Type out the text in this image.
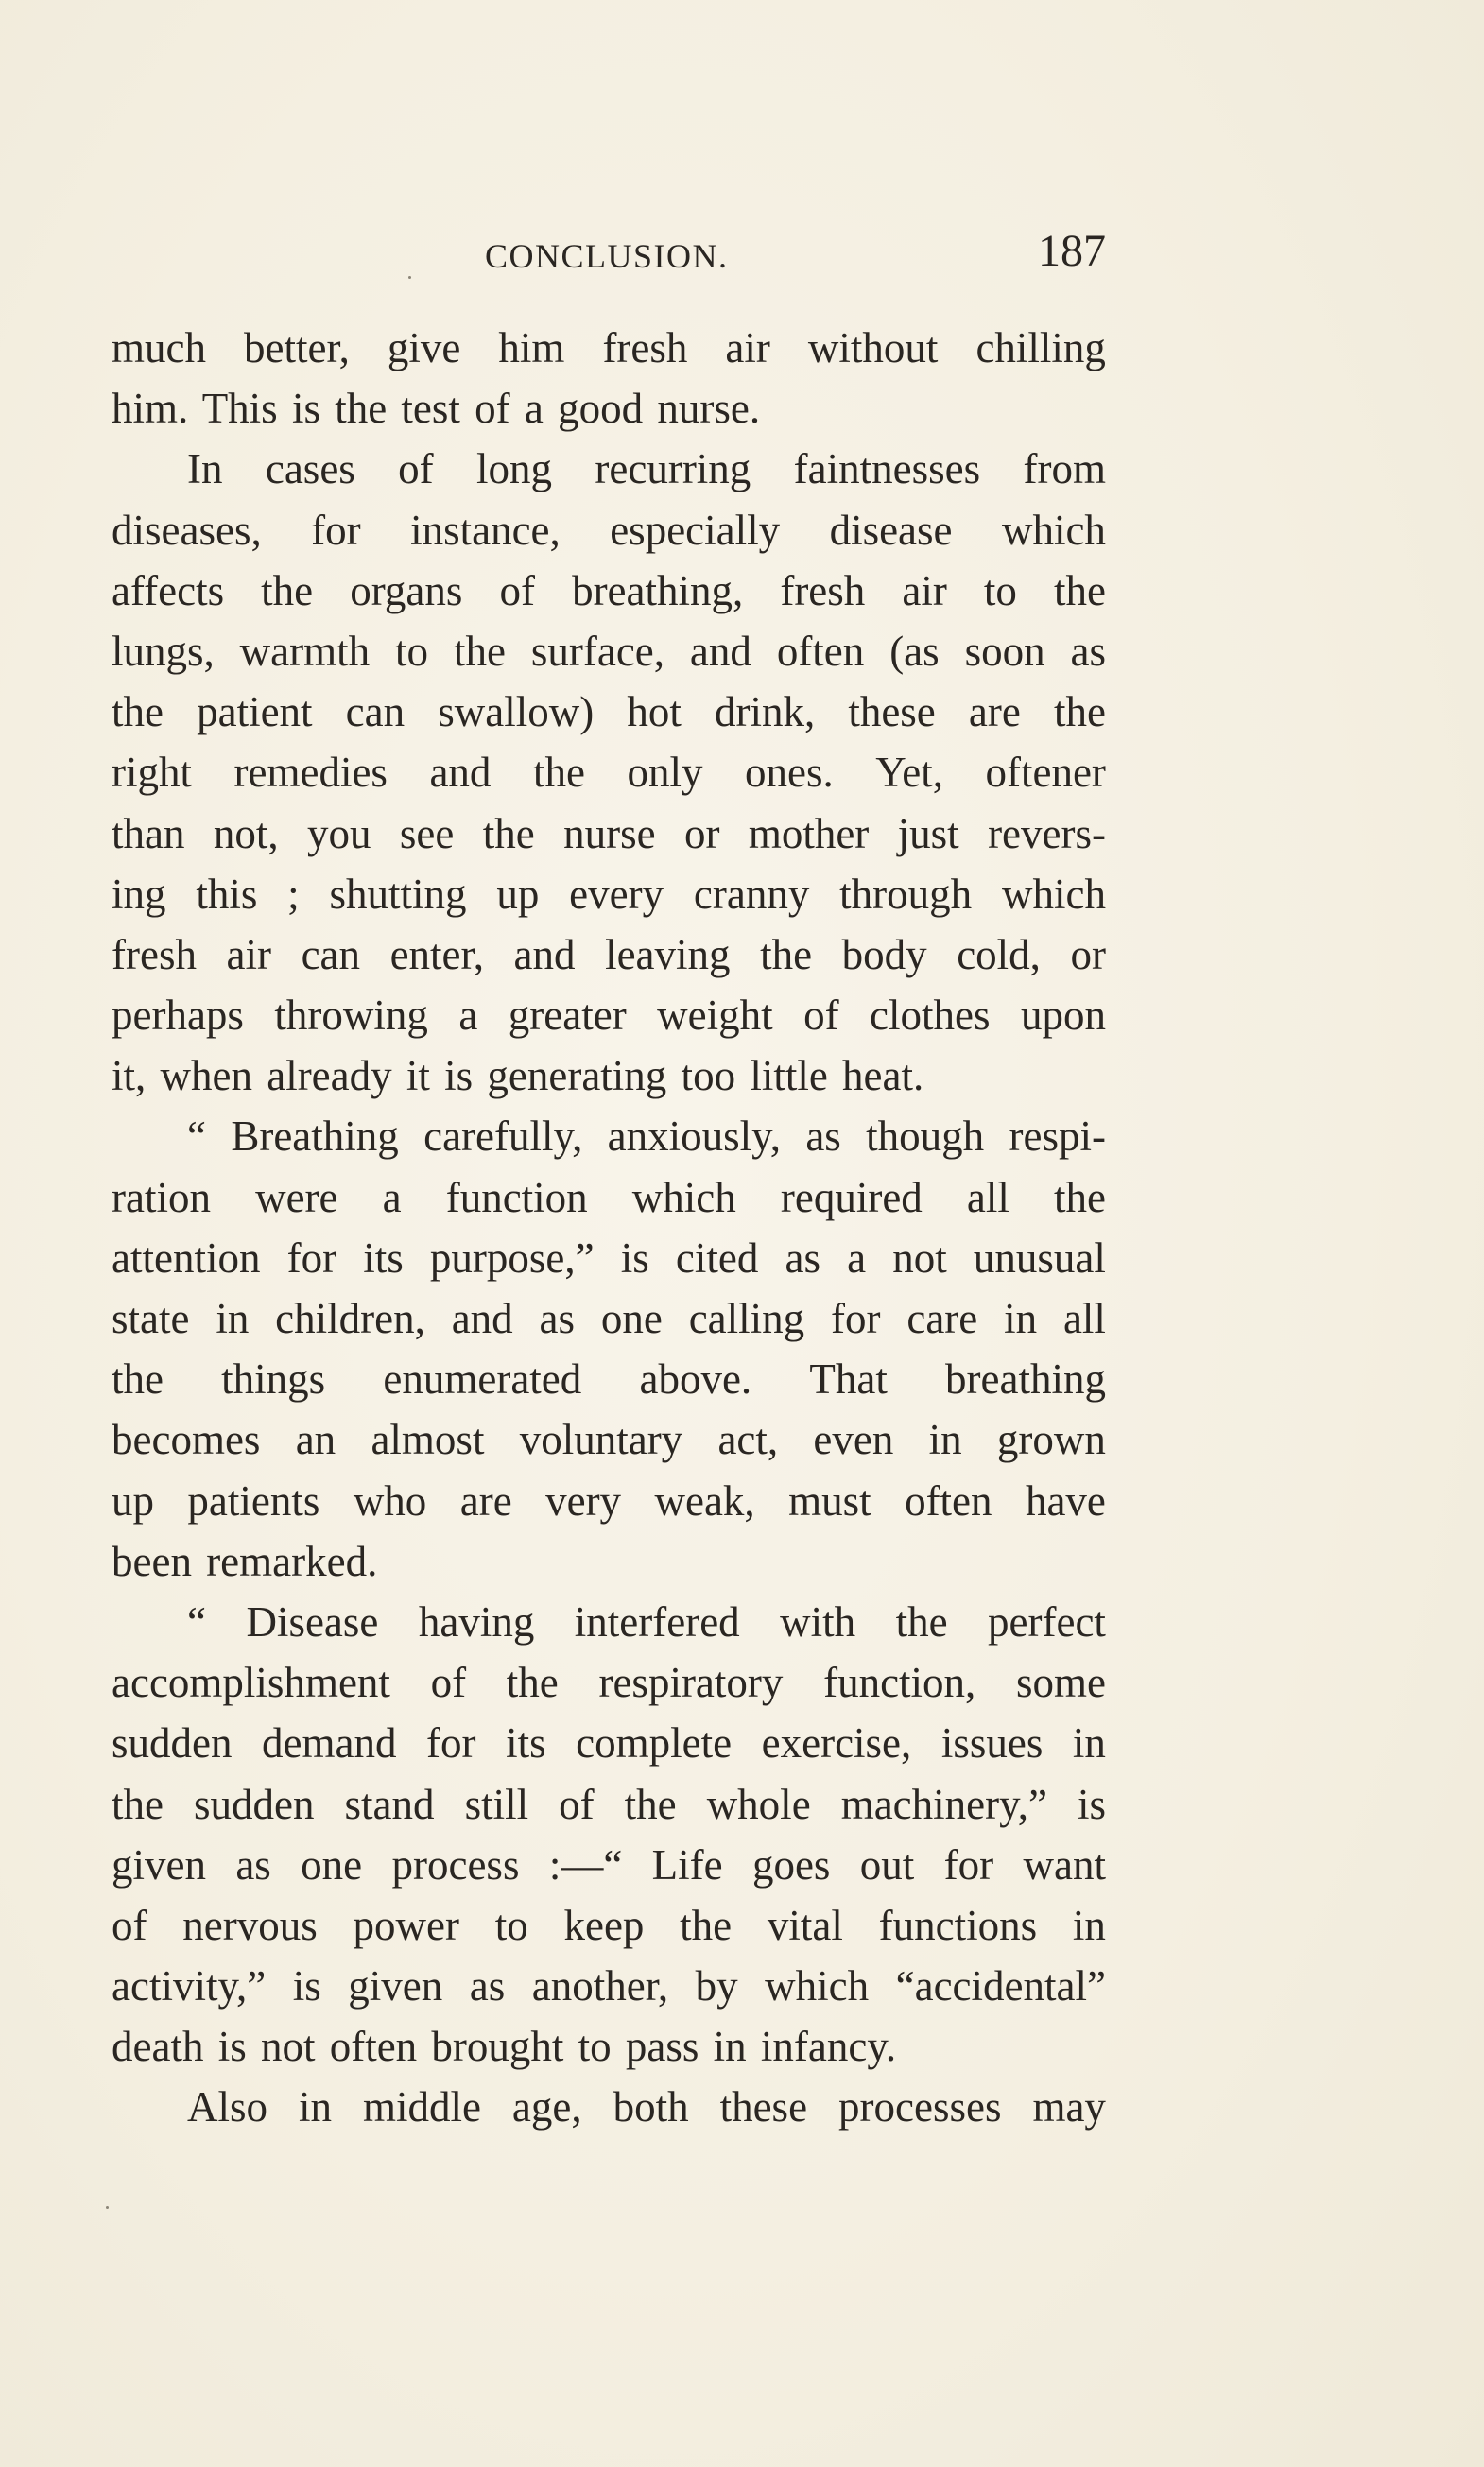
CONCLUSION.	187
much better, give him fresh air without chilling
him. This is the test of a good nurse.
In cases of long recurring faintnesses from
diseases, for instance, especially disease which
affects the organs of breathing, fresh air to the
lungs, warmth to the surface, and often (as soon as
the patient can swallow) hot drink, these are the
right remedies and the only ones. Yet, oftener
than not, you see the nurse or mother just revers-
ing this ; shutting up every cranny through which
fresh air can enter, and leaving the body cold, or
perhaps throwing a greater weight of clothes upon
it, when already it is generating too little heat.
“ Breathing carefully, anxiously, as though respi-
ration were a function which required all the
attention for its purpose,” is cited as a not unusual
state in children, and as one calling for care in all
the things enumerated above. That breathing
becomes an almost voluntary act, even in grown
up patients who are very weak, must often have
been remarked.
“ Disease having interfered with the perfect
accomplishment of the respiratory function, some
sudden demand for its complete exercise, issues in
the sudden stand still of the whole machinery,” is
given as one process :—“ Life goes out for want
of nervous power to keep the vital functions in
activity,” is given as another, by which “accidental”
death is not often brought to pass in infancy.
Also in middle age, both these processes may
